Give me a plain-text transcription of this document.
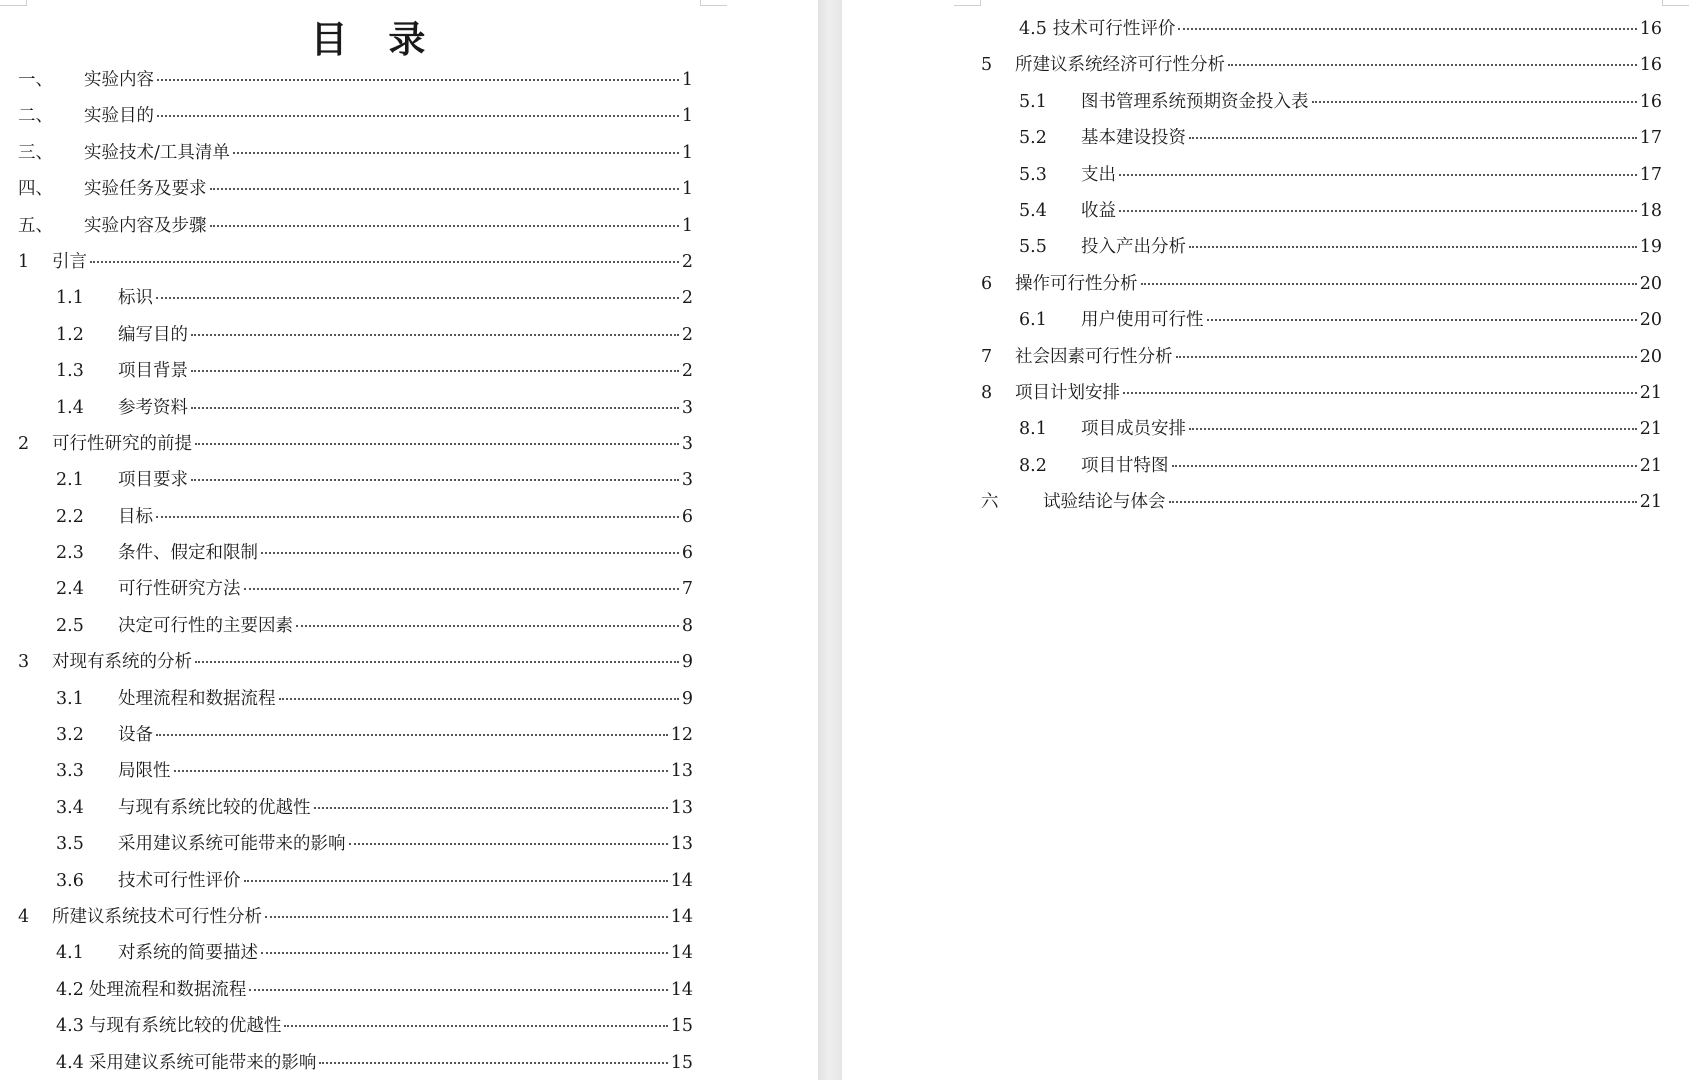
目 录
一、	实验内容	1
二、	实验目的	1
三、	实验技术/工具清单	1
四、	实验任务及要求	1
五、	实验内容及步骤	1
1	引言	2
1.1	标识	2
1.2	编写目的	2
1.3	项目背景	2
1.4	参考资料	3
2	可行性研究的前提	3
2.1	项目要求	3
2.2	目标	6
2.3	条件、假定和限制	6
2.4	可行性研究方法	7
2.5	决定可行性的主要因素	8
3	对现有系统的分析	9
3.1	处理流程和数据流程	9
3.2	设备	12
3.3	局限性	13
3.4	与现有系统比较的优越性	13
3.5	采用建议系统可能带来的影响	13
3.6	技术可行性评价	14
4	所建议系统技术可行性分析	14
4.1	对系统的简要描述	14
4.2 处理流程和数据流程	14
4.3 与现有系统比较的优越性	15
4.4 采用建议系统可能带来的影响	15
4.5 技术可行性评价	16
5	所建议系统经济可行性分析	16
5.1	图书管理系统预期资金投入表	16
5.2	基本建设投资	17
5.3	支出	17
5.4	收益	18
5.5	投入产出分析	19
6	操作可行性分析	20
6.1	用户使用可行性	20
7	社会因素可行性分析	20
8	项目计划安排	21
8.1	项目成员安排	21
8.2	项目甘特图	21
六	试验结论与体会	21
